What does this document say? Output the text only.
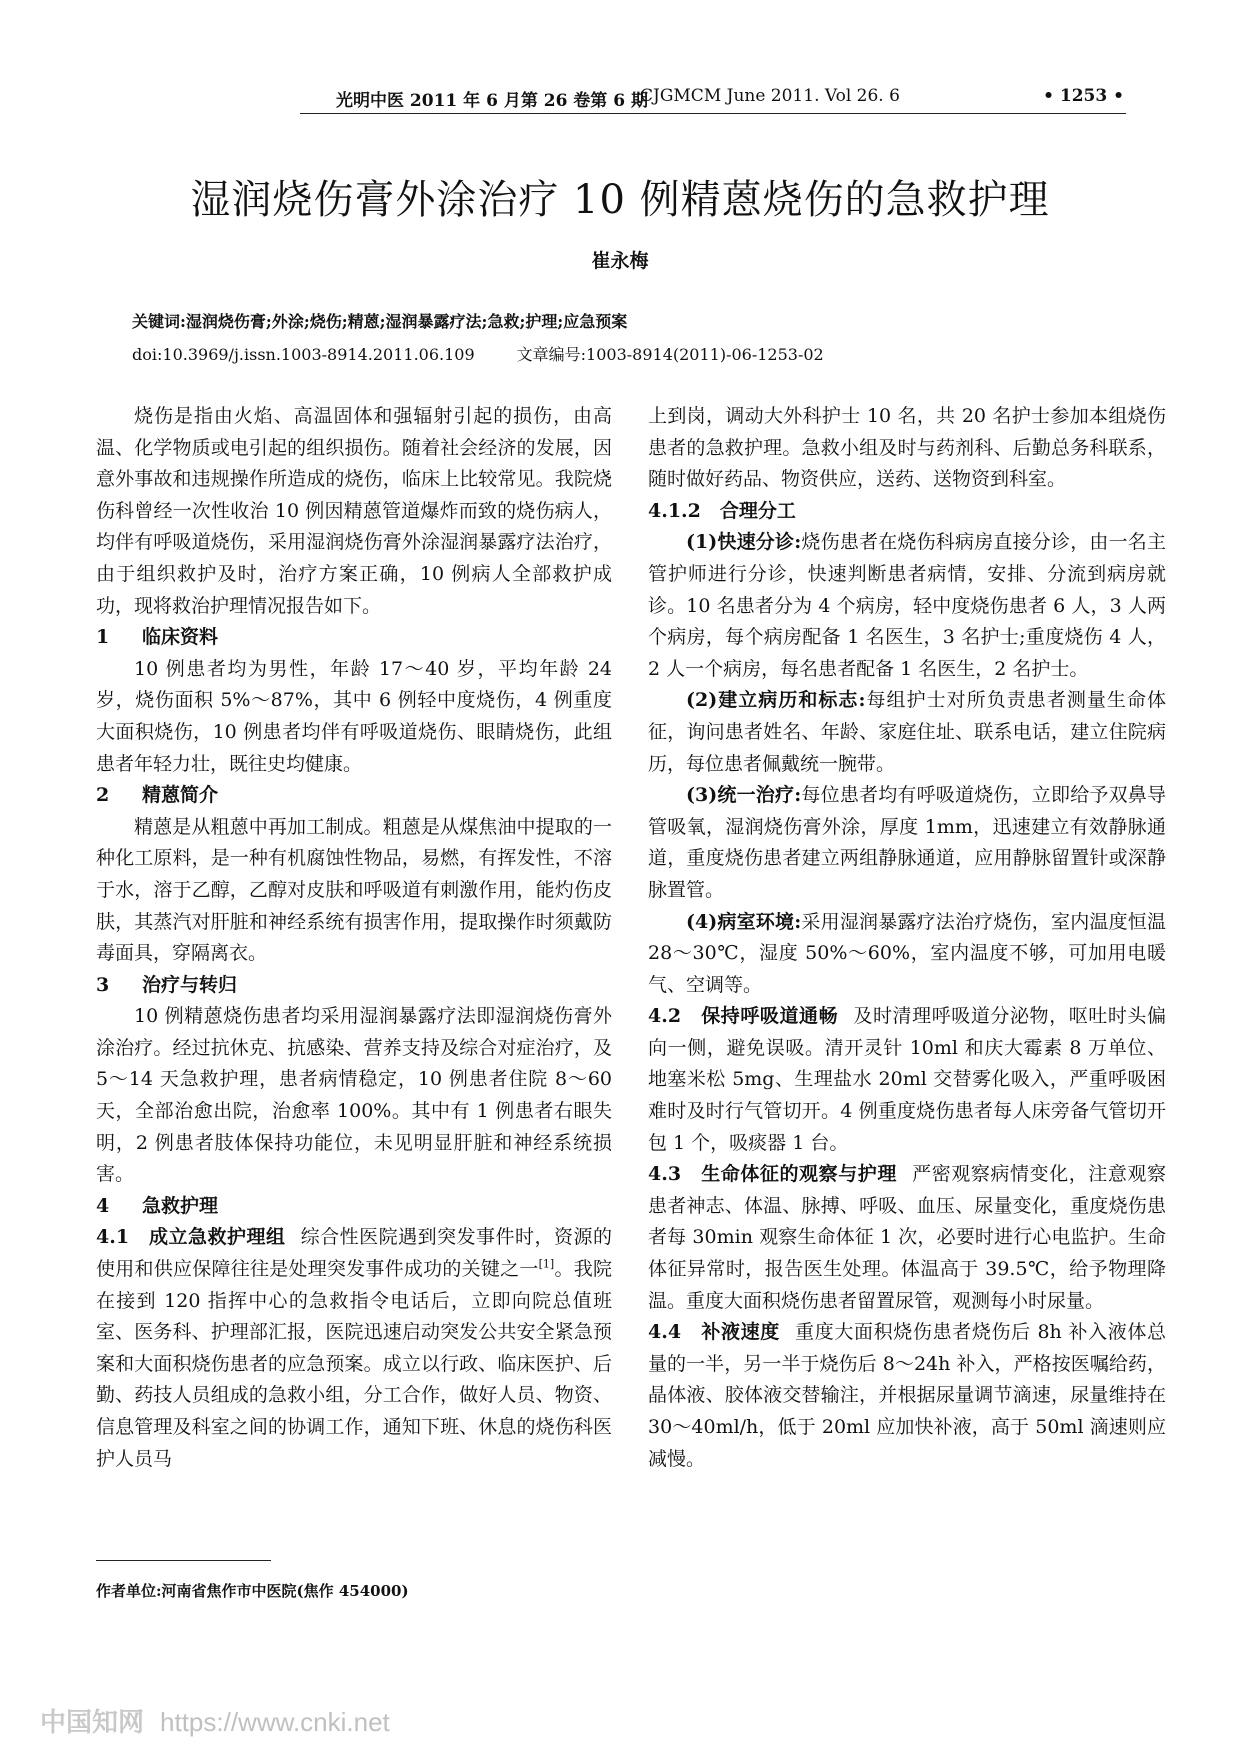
光明中医 2011 年 6 月第 26 卷第 6 期
CJGMCM June 2011. Vol 26. 6	• 1253 •
湿润烧伤膏外涂治疗 10 例精蒽烧伤的急救护理
崔永梅
关键词:湿润烧伤膏;外涂;烧伤;精蒽;湿润暴露疗法;急救;护理;应急预案
doi:10.3969/j.issn.1003-8914.2011.06.109	文章编号:1003-8914(2011)-06-1253-02

烧伤是指由火焰、高温固体和强辐射引起的损伤，由高温、化学物质或电引起的组织损伤。随着社会经济的发展，因意外事故和违规操作所造成的烧伤，临床上比较常见。我院烧伤科曾经一次性收治 10 例因精蒽管道爆炸而致的烧伤病人，均伴有呼吸道烧伤，采用湿润烧伤膏外涂湿润暴露疗法治疗，由于组织救护及时，治疗方案正确，10 例病人全部救护成功，现将救治护理情况报告如下。

1 临床资料

10 例患者均为男性，年龄 17～40 岁，平均年龄 24 岁，烧伤面积 5%～87%，其中 6 例轻中度烧伤，4 例重度大面积烧伤，10 例患者均伴有呼吸道烧伤、眼睛烧伤，此组患者年轻力壮，既往史均健康。

2 精蒽简介

精蒽是从粗蒽中再加工制成。粗蒽是从煤焦油中提取的一种化工原料，是一种有机腐蚀性物品，易燃，有挥发性，不溶于水，溶于乙醇，乙醇对皮肤和呼吸道有刺激作用，能灼伤皮肤，其蒸汽对肝脏和神经系统有损害作用，提取操作时须戴防毒面具，穿隔离衣。

3 治疗与转归

10 例精蒽烧伤患者均采用湿润暴露疗法即湿润烧伤膏外涂治疗。经过抗休克、抗感染、营养支持及综合对症治疗，及 5～14 天急救护理，患者病情稳定，10 例患者住院 8～60 天，全部治愈出院，治愈率 100%。其中有 1 例患者右眼失明，2 例患者肢体保持功能位，未见明显肝脏和神经系统损害。

4 急救护理

4.1　成立急救护理组 综合性医院遇到突发事件时，资源的使用和供应保障往往是处理突发事件成功的关键之一[1]。我院在接到 120 指挥中心的急救指令电话后，立即向院总值班室、医务科、护理部汇报，医院迅速启动突发公共安全紧急预案和大面积烧伤患者的应急预案。成立以行政、临床医护、后勤、药技人员组成的急救小组，分工合作，做好人员、物资、信息管理及科室之间的协调工作，通知下班、休息的烧伤科医护人员马

上到岗，调动大外科护士 10 名，共 20 名护士参加本组烧伤患者的急救护理。急救小组及时与药剂科、后勤总务科联系，随时做好药品、物资供应，送药、送物资到科室。

4.1.2　合理分工

(1)快速分诊:烧伤患者在烧伤科病房直接分诊，由一名主管护师进行分诊，快速判断患者病情，安排、分流到病房就诊。10 名患者分为 4 个病房，轻中度烧伤患者 6 人，3 人两个病房，每个病房配备 1 名医生，3 名护士;重度烧伤 4 人，2 人一个病房，每名患者配备 1 名医生，2 名护士。

(2)建立病历和标志:每组护士对所负责患者测量生命体征，询问患者姓名、年龄、家庭住址、联系电话，建立住院病历，每位患者佩戴统一腕带。

(3)统一治疗:每位患者均有呼吸道烧伤，立即给予双鼻导管吸氧，湿润烧伤膏外涂，厚度 1mm，迅速建立有效静脉通道，重度烧伤患者建立两组静脉通道，应用静脉留置针或深静脉置管。

(4)病室环境:采用湿润暴露疗法治疗烧伤，室内温度恒温 28～30℃，湿度 50%～60%，室内温度不够，可加用电暖气、空调等。

4.2　保持呼吸道通畅 及时清理呼吸道分泌物，呕吐时头偏向一侧，避免误吸。清开灵针 10ml 和庆大霉素 8 万单位、地塞米松 5mg、生理盐水 20ml 交替雾化吸入，严重呼吸困难时及时行气管切开。4 例重度烧伤患者每人床旁备气管切开包 1 个，吸痰器 1 台。

4.3　生命体征的观察与护理 严密观察病情变化，注意观察患者神志、体温、脉搏、呼吸、血压、尿量变化，重度烧伤患者每 30min 观察生命体征 1 次，必要时进行心电监护。生命体征异常时，报告医生处理。体温高于 39.5℃，给予物理降温。重度大面积烧伤患者留置尿管，观测每小时尿量。

4.4　补液速度 重度大面积烧伤患者烧伤后 8h 补入液体总量的一半，另一半于烧伤后 8～24h 补入，严格按医嘱给药，晶体液、胶体液交替输注，并根据尿量调节滴速，尿量维持在 30～40ml/h，低于 20ml 应加快补液，高于 50ml 滴速则应减慢。

作者单位:河南省焦作市中医院(焦作 454000)
中国知网 https://www.cnki.net
